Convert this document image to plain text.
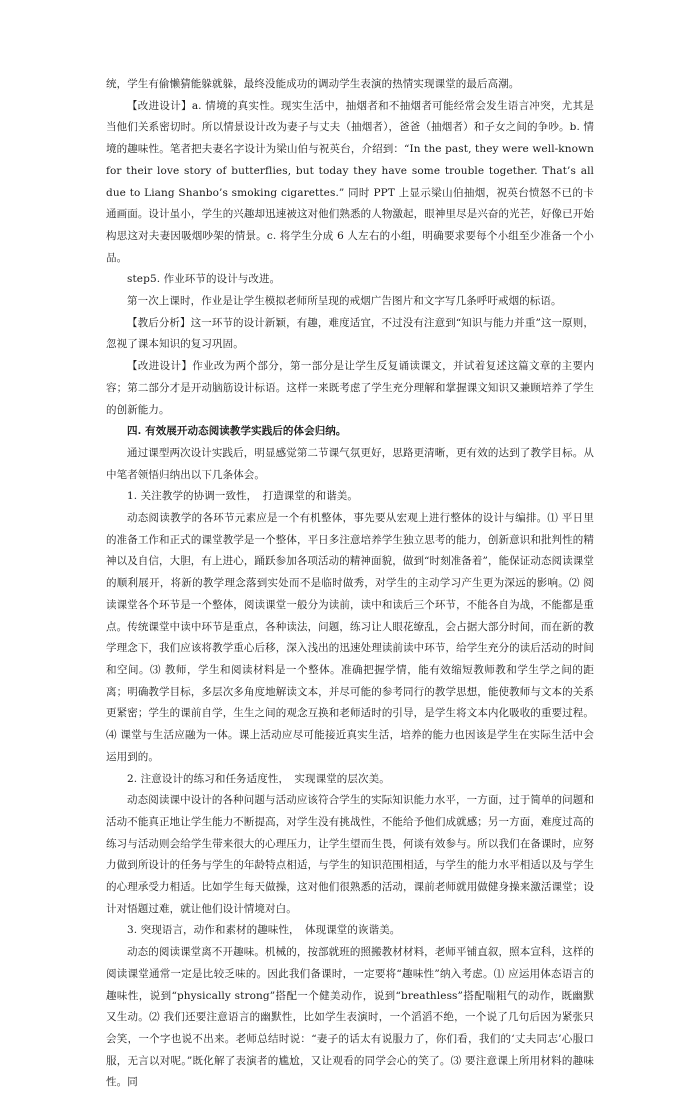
统，学生有偷懒猜能躲就躲，最终没能成功的调动学生表演的热情实现课堂的最后高潮。

【改进设计】a. 情境的真实性。现实生活中，抽烟者和不抽烟者可能经常会发生语言冲突，尤其是当他们关系密切时。所以情景设计改为妻子与丈夫（抽烟者），爸爸（抽烟者）和子女之间的争吵。b. 情境的趣味性。笔者把夫妻名字设计为梁山伯与祝英台，介绍到：“In the past, they were well-known for their love story of butterflies, but today they have some trouble together. That’s all due to Liang Shanbo’s smoking cigarettes.” 同时 PPT 上显示梁山伯抽烟，祝英台愤怒不已的卡通画面。设计虽小，学生的兴趣却迅速被这对他们熟悉的人物激起，眼神里尽是兴奋的光芒，好像已开始构思这对夫妻因吸烟吵架的情景。c. 将学生分成 6 人左右的小组，明确要求要每个小组至少准备一个小品。

step5. 作业环节的设计与改进。

第一次上课时，作业是让学生模拟老师所呈现的戒烟广告图片和文字写几条呼吁戒烟的标语。

【教后分析】这一环节的设计新颖，有趣，难度适宜，不过没有注意到“知识与能力并重”这一原则，忽视了课本知识的复习巩固。

【改进设计】作业改为两个部分，第一部分是让学生反复诵读课文，并试着复述这篇文章的主要内容；第二部分才是开动脑筋设计标语。这样一来既考虑了学生充分理解和掌握课文知识又兼顾培养了学生的创新能力。

四. 有效展开动态阅读教学实践后的体会归纳。

通过课型两次设计实践后，明显感觉第二节课气氛更好，思路更清晰，更有效的达到了教学目标。从中笔者领悟归纳出以下几条体会。

1. 关注教学的协调一致性，　打造课堂的和谐美。

动态阅读教学的各环节元素应是一个有机整体，事先要从宏观上进行整体的设计与编排。⑴ 平日里的准备工作和正式的课堂教学是一个整体，平日多注意培养学生独立思考的能力，创新意识和批判性的精神以及自信，大胆，有上进心，踊跃参加各项活动的精神面貌，做到“时刻准备着”，能保证动态阅读课堂的顺利展开，将新的教学理念落到实处而不是临时做秀，对学生的主动学习产生更为深远的影响。⑵ 阅读课堂各个环节是一个整体，阅读课堂一般分为读前，读中和读后三个环节，不能各自为战，不能都是重点。传统课堂中读中环节是重点，各种读法，问题，练习让人眼花缭乱，会占据大部分时间，而在新的教学理念下，我们应该将教学重心后移，深入浅出的迅速处理读前读中环节，给学生充分的读后活动的时间和空间。⑶ 教师，学生和阅读材料是一个整体。准确把握学情，能有效缩短教师教和学生学之间的距离；明确教学目标，多层次多角度地解读文本，并尽可能的参考同行的教学思想，能使教师与文本的关系更紧密；学生的课前自学，生生之间的观念互换和老师适时的引导，是学生将文本内化吸收的重要过程。⑷ 课堂与生活应融为一体。课上活动应尽可能接近真实生活，培养的能力也因该是学生在实际生活中会运用到的。

2. 注意设计的练习和任务适度性，　实现课堂的层次美。

动态阅读课中设计的各种问题与活动应该符合学生的实际知识能力水平，一方面，过于简单的问题和活动不能真正地让学生能力不断提高，对学生没有挑战性，不能给予他们成就感；另一方面，难度过高的练习与活动则会给学生带来很大的心理压力，让学生望而生畏，何谈有效参与。所以我们在备课时，应努力做到所设计的任务与学生的年龄特点相适，与学生的知识范围相适，与学生的能力水平相适以及与学生的心理承受力相适。比如学生每天做操，这对他们很熟悉的活动，课前老师就用做健身操来激活课堂；设计对悟题过难，就让他们设计情境对白。

3. 突现语言，动作和素材的趣味性，　体现课堂的诙谐美。

动态的阅读课堂离不开趣味。机械的，按部就班的照搬教材材料，老师平铺直叙，照本宣科，这样的阅读课堂通常一定是比较乏味的。因此我们备课时，一定要将“趣味性”纳入考虑。⑴ 应运用体态语言的趣味性，说到“physically strong”搭配一个健美动作，说到“breathless”搭配喘粗气的动作，既幽默又生动。⑵ 我们还要注意语言的幽默性，比如学生表演时，一个滔滔不绝，一个说了几句后因为紧张只会笑，一个字也说不出来。老师总结时说：“妻子的话太有说服力了，你们看，我们的‘丈夫同志’心服口服，无言以对呢。”既化解了表演者的尴尬，又让观看的同学会心的笑了。⑶ 要注意课上所用材料的趣味性。同
